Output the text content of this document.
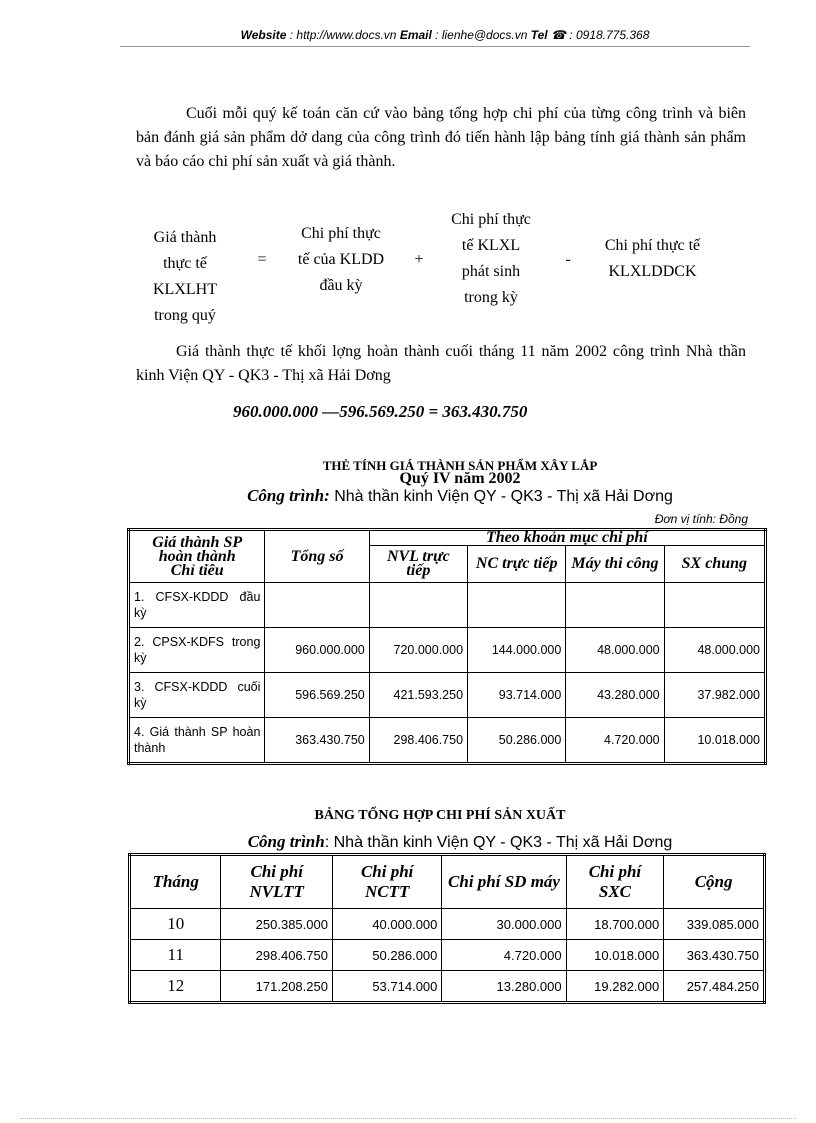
Website : http://www.docs.vn Email : lienhe@docs.vn Tel ☎ : 0918.775.368
Cuối mỗi quý kế toán căn cứ vào bảng tổng hợp chi phí của từng công trình và biên bản đánh giá sản phẩm dở dang của công trình đó tiến hành lập bảng tính giá thành sản phẩm và báo cáo chi phí sản xuất và giá thành.
Giá thành
thực tế
KLXLHT
trong quý
=
Chi phí thực
tế của KLDD
đầu kỳ
+
Chi phí thực
tế KLXL
phát sinh
trong kỳ
-
Chi phí thực tế
KLXLDDCK
Giá thành thực tế khối lợng hoàn thành cuối tháng 11 năm 2002 công trình Nhà thần kinh Viện QY - QK3 - Thị xã Hải Dơng
960.000.000 —596.569.250 = 363.430.750
THẺ TÍNH GIÁ THÀNH SẢN PHẨM XÂY LẮP
Quý IV năm 2002
Công trình: Nhà thần kinh Viện QY - QK3 - Thị xã Hải Dơng
Đơn vị tính: Đồng
Giá thành SP
hoàn thành
Chỉ tiêu	Tổng số	Theo khoản mục chi phí			
		NVL trực tiếp	NC trực tiếp	Máy thi công	SX chung
1. CFSX-KDDD đầu kỳ					
2. CPSX-KDFS trong kỳ	960.000.000	720.000.000	144.000.000	48.000.000	48.000.000
3. CFSX-KDDD cuối kỳ	596.569.250	421.593.250	93.714.000	43.280.000	37.982.000
4. Giá thành SP hoàn thành	363.430.750	298.406.750	50.286.000	4.720.000	10.018.000
BẢNG TỔNG HỢP CHI PHÍ SẢN XUẤT
Công trình: Nhà thần kinh Viện QY - QK3 - Thị xã Hải Dơng
Tháng	Chi phí NVLTT	Chi phí NCTT	Chi phí SD máy	Chi phí SXC	Cộng
10	250.385.000	40.000.000	30.000.000	18.700.000	339.085.000
11	298.406.750	50.286.000	4.720.000	10.018.000	363.430.750
12	171.208.250	53.714.000	13.280.000	19.282.000	257.484.250
